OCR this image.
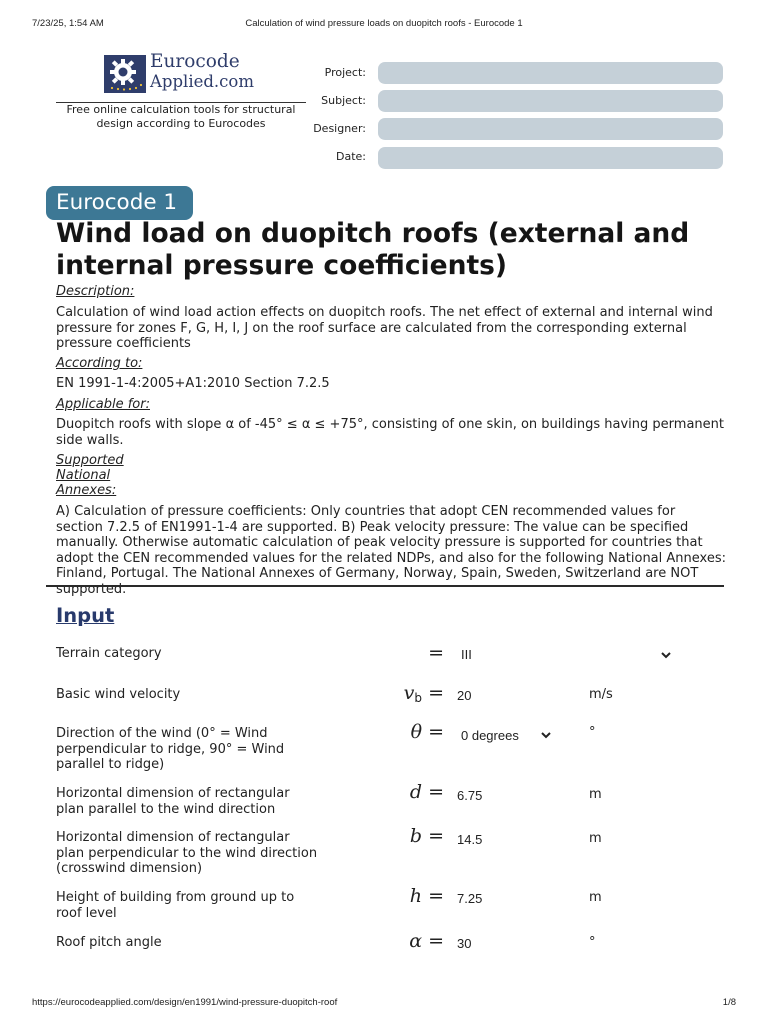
7/23/25, 1:54 AM	Calculation of wind pressure loads on duopitch roofs - Eurocode 1
https://eurocodeapplied.com/design/en1991/wind-pressure-duopitch-roof	1/8
Eurocode
Applied.com
Free online calculation tools for structural design according to Eurocodes
Project:
Subject:
Designer:
Date:
Eurocode 1
Wind load on duopitch roofs (external and internal pressure coefficients)
Description:
Calculation of wind load action effects on duopitch roofs. The net effect of external and internal wind pressure for zones F, G, H, I, J on the roof surface are calculated from the corresponding external pressure coefficients
According to:
EN 1991-1-4:2005+A1:2010 Section 7.2.5
Applicable for:
Duopitch roofs with slope α of -45° ≤ α ≤ +75°, consisting of one skin, on buildings having permanent side walls.
Supported
National
Annexes:
A) Calculation of pressure coefficients: Only countries that adopt CEN recommended values for section 7.2.5 of EN1991-1-4 are supported. B) Peak velocity pressure: The value can be specified manually. Otherwise automatic calculation of peak velocity pressure is supported for countries that adopt the CEN recommended values for the related NDPs, and also for the following National Annexes: Finland, Portugal. The National Annexes of Germany, Norway, Spain, Sweden, Switzerland are NOT supported.
Input
Terrain category	= III
Basic wind velocity	$v_b = 20$	m/s
Direction of the wind (0° = Wind perpendicular to ridge, 90° = Wind parallel to ridge)
θ = 0 degrees	°
Horizontal dimension of rectangular plan parallel to the wind direction
d = 6.75	m
Horizontal dimension of rectangular plan perpendicular to the wind direction (crosswind dimension)
b = 14.5	m
Height of building from ground up to roof level
h = 7.25	m
Roof pitch angle	α = 30	°
